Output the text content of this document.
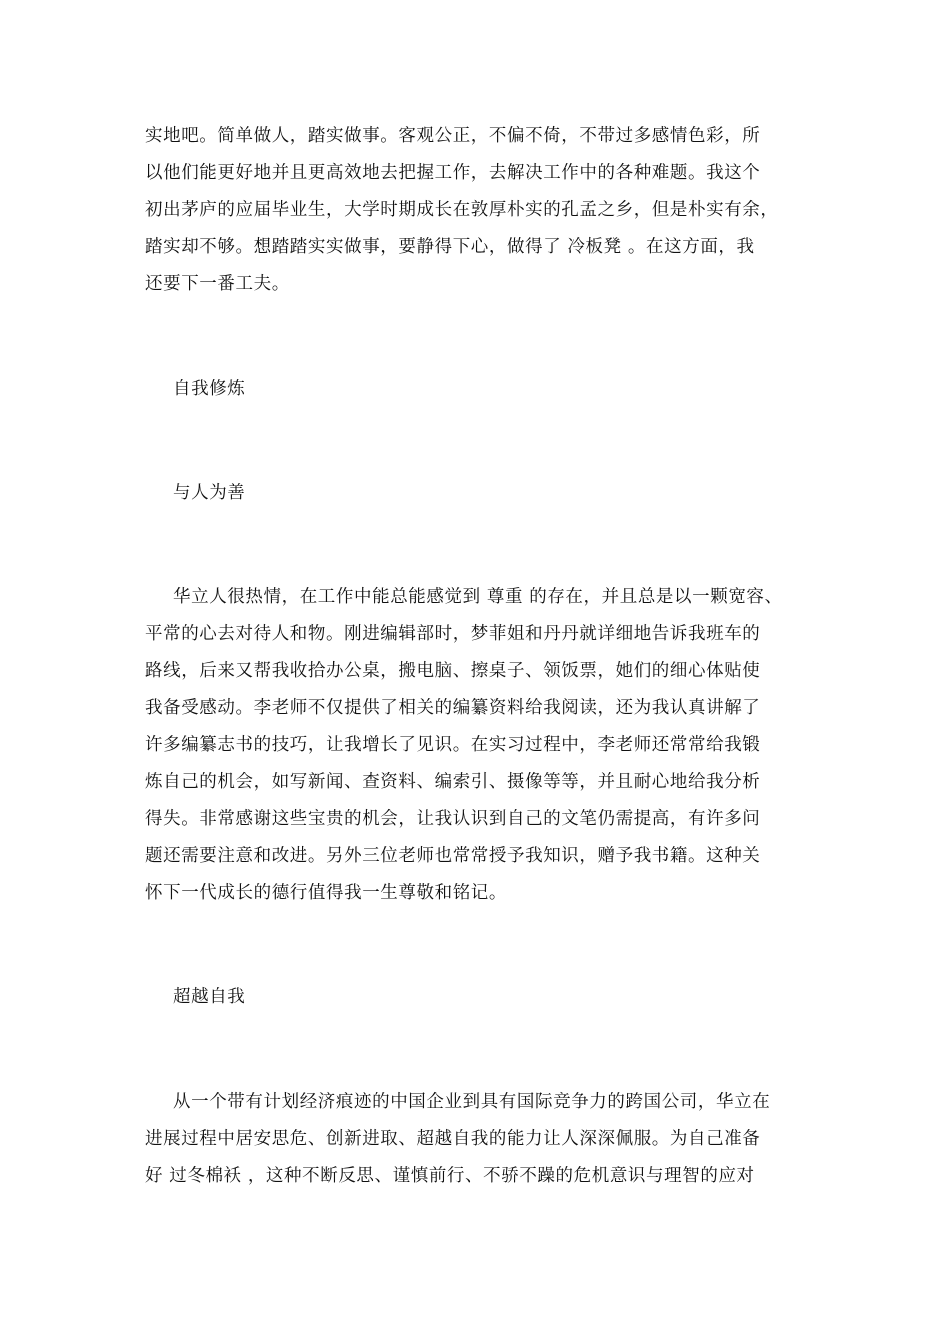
实地吧。简单做人，踏实做事。客观公正，不偏不倚，不带过多感情色彩，所
以他们能更好地并且更高效地去把握工作，去解决工作中的各种难题。我这个
初出茅庐的应届毕业生，大学时期成长在敦厚朴实的孔孟之乡，但是朴实有余，
踏实却不够。想踏踏实实做事，要静得下心，做得了 冷板凳 。在这方面，我
还要下一番工夫。
自我修炼
与人为善
华立人很热情，在工作中能总能感觉到 尊重 的存在，并且总是以一颗宽容、
平常的心去对待人和物。刚进编辑部时，梦菲姐和丹丹就详细地告诉我班车的
路线，后来又帮我收拾办公桌，搬电脑、擦桌子、领饭票，她们的细心体贴使
我备受感动。李老师不仅提供了相关的编纂资料给我阅读，还为我认真讲解了
许多编纂志书的技巧，让我增长了见识。在实习过程中，李老师还常常给我锻
炼自己的机会，如写新闻、查资料、编索引、摄像等等，并且耐心地给我分析
得失。非常感谢这些宝贵的机会，让我认识到自己的文笔仍需提高，有许多问
题还需要注意和改进。另外三位老师也常常授予我知识，赠予我书籍。这种关
怀下一代成长的德行值得我一生尊敬和铭记。
超越自我
从一个带有计划经济痕迹的中国企业到具有国际竞争力的跨国公司，华立在
进展过程中居安思危、创新进取、超越自我的能力让人深深佩服。为自己准备
好 过冬棉袄 ，这种不断反思、谨慎前行、不骄不躁的危机意识与理智的应对
